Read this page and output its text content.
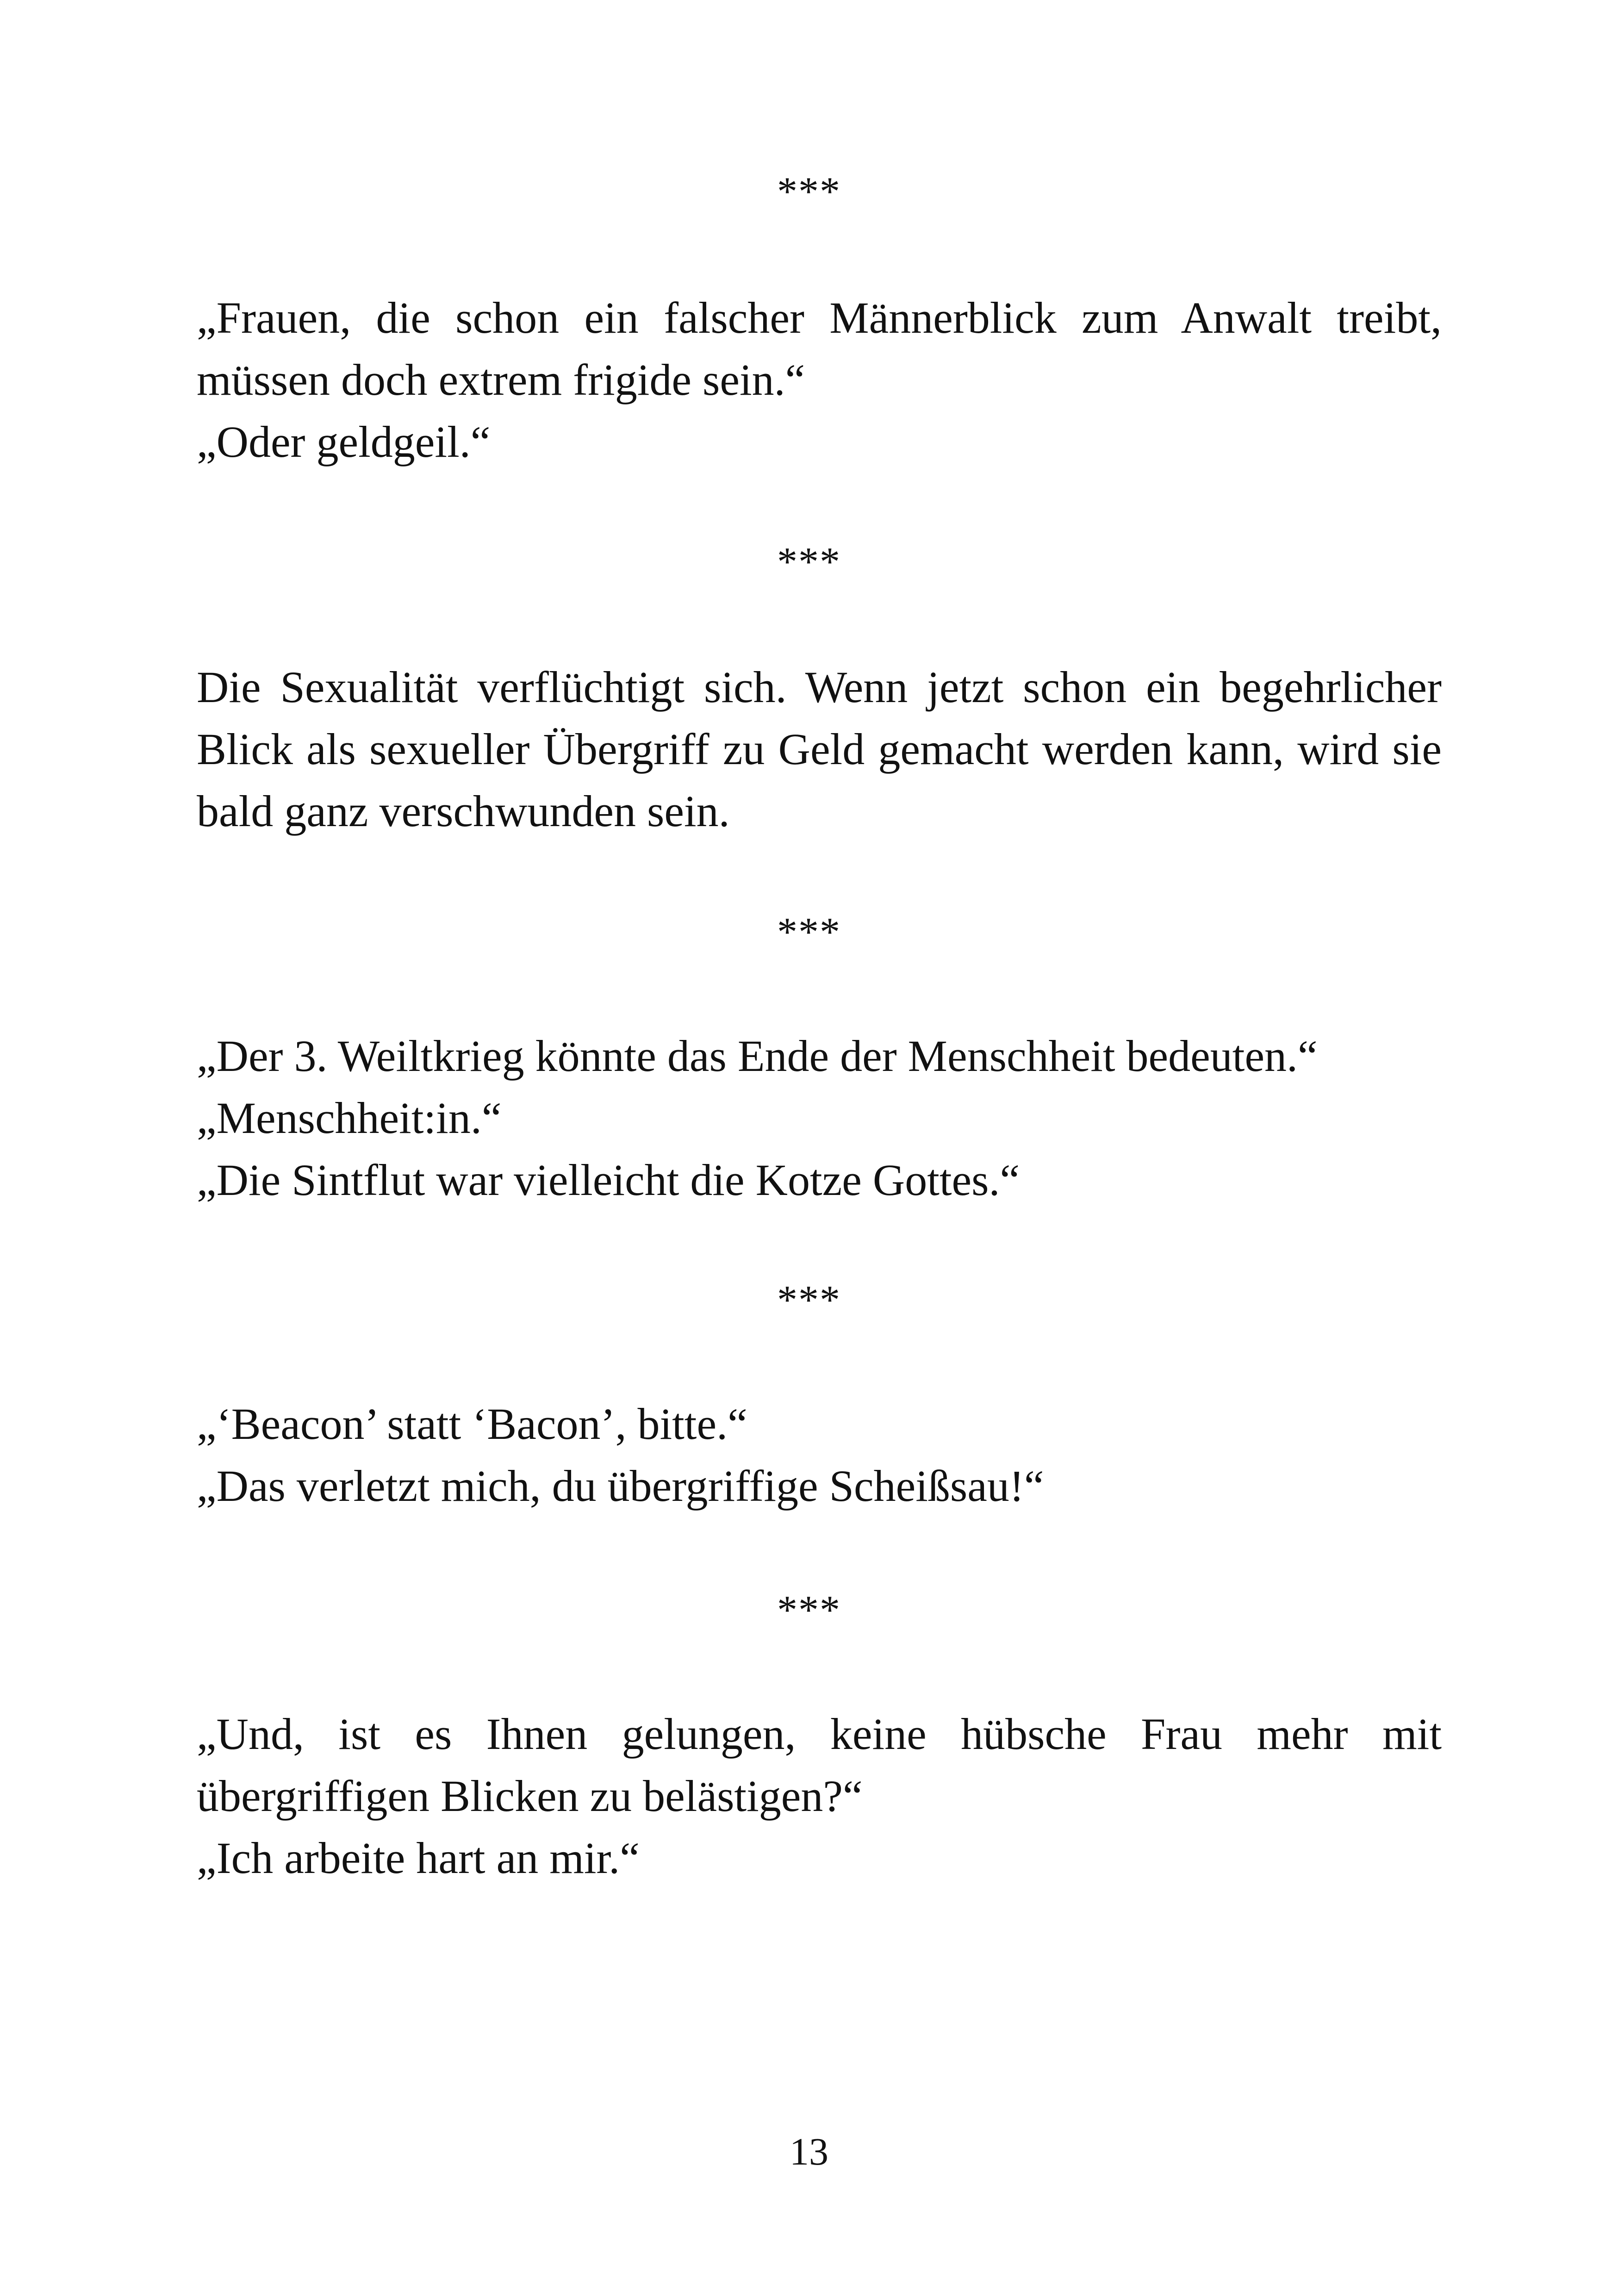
***

„Frauen, die schon ein falscher Männerblick zum Anwalt treibt, müssen doch extrem frigide sein.“

„Oder geldgeil.“

***

Die Sexualität verflüchtigt sich. Wenn jetzt schon ein begehrlicher Blick als sexueller Übergriff zu Geld gemacht werden kann, wird sie bald ganz verschwunden sein.

***

„Der 3. Weiltkrieg könnte das Ende der Menschheit bedeuten.“

„Menschheit:in.“

„Die Sintflut war vielleicht die Kotze Gottes.“

***

„‘Beacon’ statt ‘Bacon’, bitte.“

„Das verletzt mich, du übergriffige Scheißsau!“

***

„Und, ist es Ihnen gelungen, keine hübsche Frau mehr mit übergriffigen Blicken zu belästigen?“

„Ich arbeite hart an mir.“

13
